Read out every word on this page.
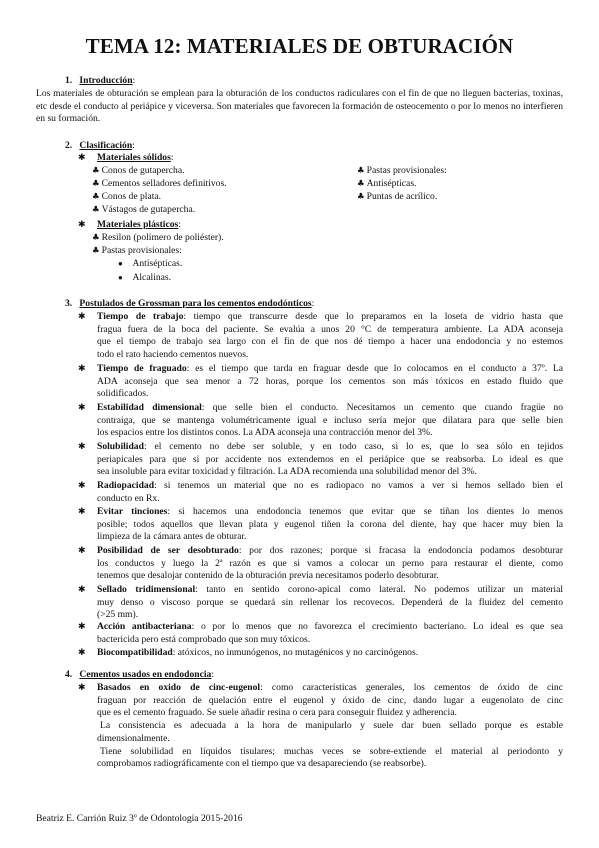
TEMA 12: MATERIALES DE OBTURACIÓN
1. Introducción:
Los materiales de obturación se emplean para la obturación de los conductos radiculares con el fin de que no lleguen bacterias, toxinas, etc desde el conducto al periápice y viceversa. Son materiales que favorecen la formación de osteocemento o por lo menos no interfieren en su formación.
2. Clasificación:
✱ Materiales sólidos:
♣ Conos de gutapercha.
♣ Cementos selladores definitivos.
♣ Conos de plata.
♣ Vástagos de gutapercha.
♣ Pastas provisionales:
♣ Antisépticas.
♣ Puntas de acrílico.
✱ Materiales plásticos:
♣ Resilon (polímero de poliéster).
♣ Pastas provisionales:
● Antisépticas.
● Alcalinas.
3. Postulados de Grossman para los cementos endodónticos:
✱ Tiempo de trabajo: tiempo que transcurre desde que lo preparamos en la loseta de vidrio hasta que
fragua fuera de la boca del paciente. Se evalúa a unos 20 °C de temperatura ambiente. La ADA aconseja
que el tiempo de trabajo sea largo con el fin de que nos dé tiempo a hacer una endodoncia y no estemos
todo el rato haciendo cementos nuevos.
✱ Tiempo de fraguado: es el tiempo que tarda en fraguar desde que lo colocamos en el conducto a 37º. La
ADA aconseja que sea menor a 72 horas, porque los cementos son más tóxicos en estado fluido que
solidificados.
✱ Estabilidad dimensional: que selle bien el conducto. Necesitamos un cemento que cuando fragüe no
contraiga, que se mantenga volumétricamente igual e incluso sería mejor que dilatara para que selle bien
los espacios entre los distintos conos. La ADA aconseja una contracción menor del 3%.
✱ Solubilidad: el cemento no debe ser soluble, y en todo caso, si lo es, que lo sea sólo en tejidos
periapicales para que si por accidente nos extendemos en el periápice que se reabsorba. Lo ideal es que
sea insoluble para evitar toxicidad y filtración. La ADA recomienda una solubilidad menor del 3%.
✱ Radiopacidad: si tenemos un material que no es radiopaco no vamos a ver si hemos sellado bien el
conducto en Rx.
✱ Evitar tinciones: si hacemos una endodoncia tenemos que evitar que se tiñan los dientes lo menos
posible; todos aquellos que llevan plata y eugenol tiñen la corona del diente, hay que hacer muy bien la
limpieza de la cámara antes de obturar.
✱ Posibilidad de ser desobturado: por dos razones; porque si fracasa la endodoncia podamos desobturar
los conductos y luego la 2ª razón es que si vamos a colocar un perno para restaurar el diente, como
tenemos que desalojar contenido de la obturación previa necesitamos poderlo desobturar.
✱ Sellado tridimensional: tanto en sentido corono-apical como lateral. No podemos utilizar un material
muy denso o viscoso porque se quedará sin rellenar los recovecos. Dependerá de la fluidez del cemento
(>25 mm).
✱ Acción antibacteriana: o por lo menos que no favorezca el crecimiento bacteriano. Lo ideal es que sea
bactericida pero está comprobado que son muy tóxicos.
✱ Biocompatibilidad: atóxicos, no inmunógenos, no mutagénicos y no carcinógenos.
4. Cementos usados en endodoncia:
✱ Basados en oxido de cinc-eugenol: como características generales, los cementos de óxido de cinc
fraguan por reacción de quelación entre el eugenol y óxido de cinc, dando lugar a eugenolato de cinc
que es el cemento fraguado. Se suele añadir resina o cera para conseguir fluidez y adherencia.
La consistencia es adecuada a la hora de manipularlo y suele dar buen sellado porque es estable
dimensionalmente.
Tiene solubilidad en líquidos tisulares; muchas veces se sobre-extiende el material al periodonto y
comprobamos radiográficamente con el tiempo que va desapareciendo (se reabsorbe).
Beatriz E. Carrión Ruiz 3º de Odontología 2015-2016
